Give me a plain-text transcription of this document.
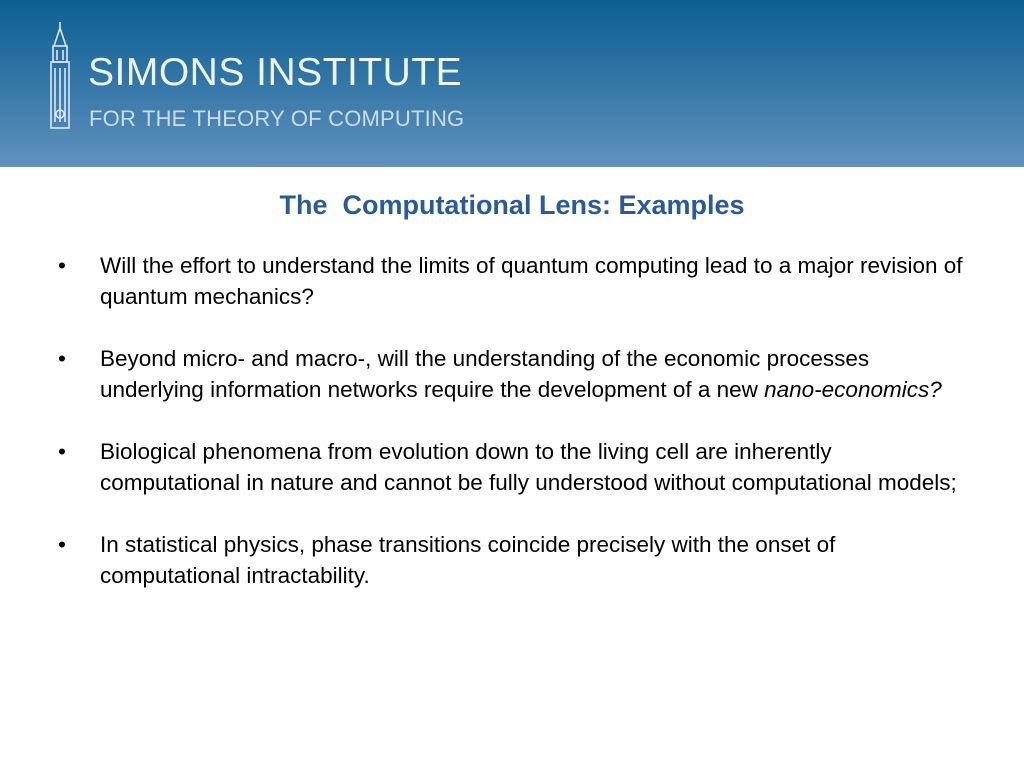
SIMONS INSTITUTE
FOR THE THEORY OF COMPUTING
The  Computational Lens: Examples
•	Will the effort to understand the limits of quantum computing lead to a major revision of quantum mechanics?
•	Beyond micro- and macro-, will the understanding of the economic processes underlying information networks require the development of a new nano-economics?
•	Biological phenomena from evolution down to the living cell are inherently computational in nature and cannot be fully understood without computational models;
•	In statistical physics, phase transitions coincide precisely with the onset of computational intractability.
